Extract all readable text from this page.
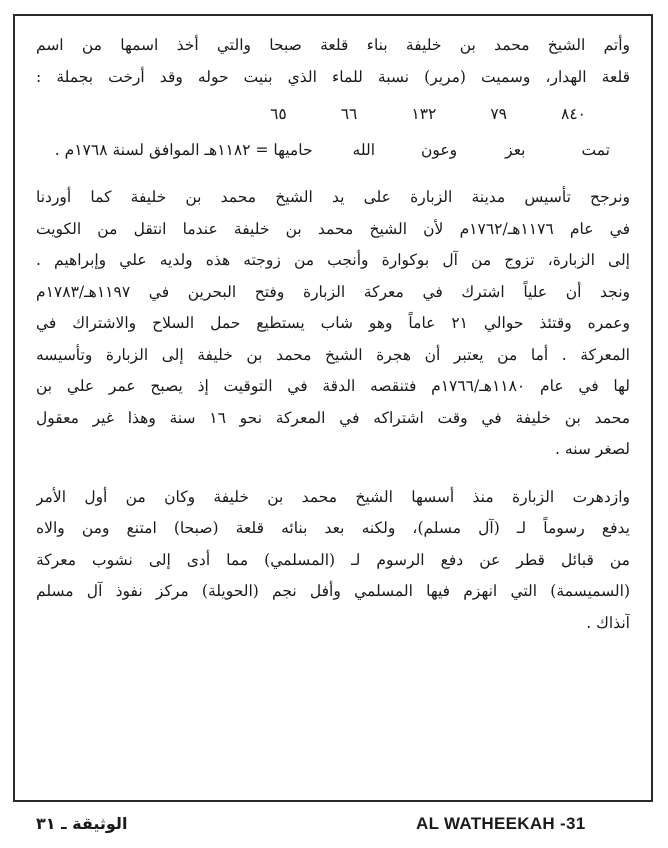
وأتم الشيخ محمد بن خليفة بناء قلعة صبحا والتي أخذ اسمها من اسم
قلعة الهدار، وسميت (مرير) نسبة للماء الذي بنيت حوله وقد أرخت بجملة :

٨٤٠
٧٩
١٣٢
٦٦
٦٥
تمت
بعز
وعون
الله
حاميها = ١١٨٢هـ الموافق لسنة ١٧٦٨م .

ونرجح تأسيس مدينة الزبارة على يد الشيخ محمد بن خليفة كما أوردنا
في عام ١١٧٦هـ/١٧٦٢م لأن الشيخ محمد بن خليفة عندما انتقل من الكويت
إلى الزبارة، تزوج من آل بوكوارة وأنجب من زوجته هذه ولديه علي وإبراهيم .
ونجد أن علياً اشترك في معركة الزبارة وفتح البحرين في ١١٩٧هـ/١٧٨٣م
وعمره وقتئذ حوالي ٢١ عاماً وهو شاب يستطيع حمل السلاح والاشتراك في
المعركة . أما من يعتبر أن هجرة الشيخ محمد بن خليفة إلى الزبارة وتأسيسه
لها في عام ١١٨٠هـ/١٧٦٦م فتنقصه الدقة في التوقيت إذ يصبح عمر علي بن
محمد بن خليفة في وقت اشتراكه في المعركة نحو ١٦ سنة وهذا غير معقول
لصغر سنه .

وازدهرت الزبارة منذ أسسها الشيخ محمد بن خليفة وكان من أول الأمر
يدفع رسوماً لـ (آل مسلم)، ولكنه بعد بنائه قلعة (صبحا) امتنع ومن والاه
من قبائل قطر عن دفع الرسوم لـ (المسلمي) مما أدى إلى نشوب معركة
(السميسمة) التي انهزم فيها المسلمي وأفل نجم (الحويلة) مركز نفوذ آل مسلم
آنذاك .

AL WATHEEKAH -31
الوثيقة ـ ٣١
